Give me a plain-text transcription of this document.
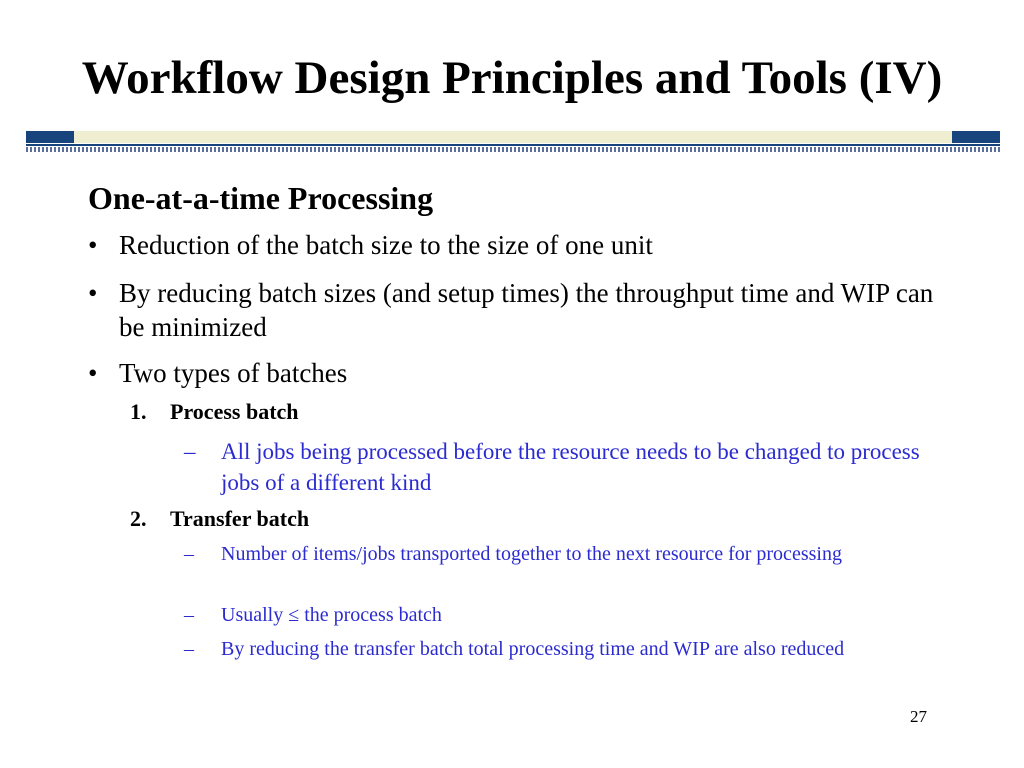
Workflow Design Principles and Tools (IV)
One-at-a-time Processing
• Reduction of the batch size to the size of one unit
• By reducing batch sizes (and setup times) the throughput time and WIP can be minimized
• Two types of batches
1. Process batch
– All jobs being processed before the resource needs to be changed to process jobs of a different kind
2. Transfer batch
– Number of items/jobs transported together to the next resource for processing
– Usually ≤ the process batch
– By reducing the transfer batch total processing time and WIP are also reduced
27
